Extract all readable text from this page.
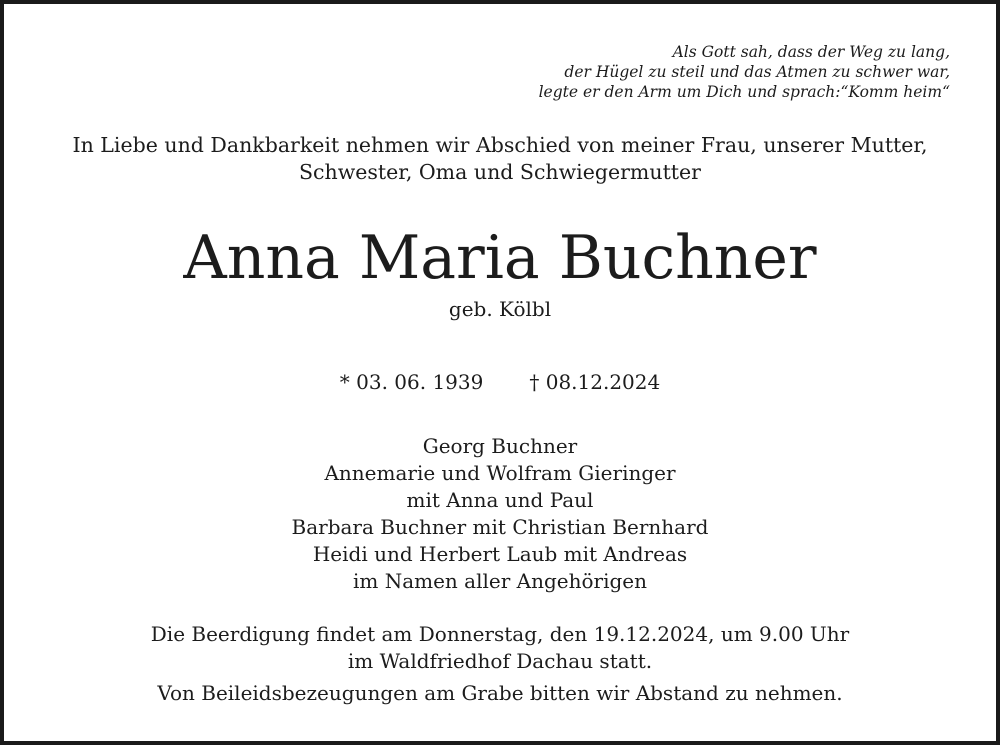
Als Gott sah, dass der Weg zu lang,
der Hügel zu steil und das Atmen zu schwer war,
legte er den Arm um Dich und sprach:“Komm heim“
In Liebe und Dankbarkeit nehmen wir Abschied von meiner Frau, unserer Mutter,
Schwester, Oma und Schwiegermutter
Anna Maria Buchner
geb. Kölbl
* 03. 06. 1939 † 08.12.2024
Georg Buchner
Annemarie und Wolfram Gieringer
mit Anna und Paul
Barbara Buchner mit Christian Bernhard
Heidi und Herbert Laub mit Andreas
im Namen aller Angehörigen
Die Beerdigung findet am Donnerstag, den 19.12.2024, um 9.00 Uhr
im Waldfriedhof Dachau statt.
Von Beileidsbezeugungen am Grabe bitten wir Abstand zu nehmen.
